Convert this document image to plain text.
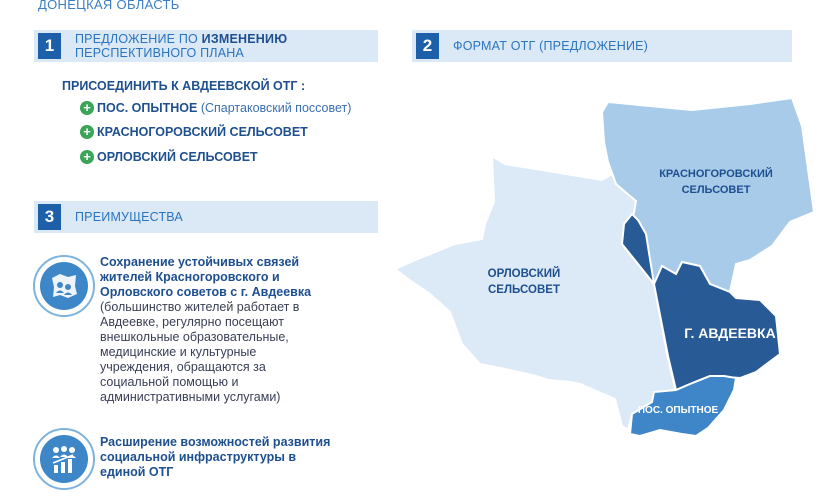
ДОНЕЦКАЯ ОБЛАСТЬ
1	ПРЕДЛОЖЕНИЕ ПО ИЗМЕНЕНИЮ
ПЕРСПЕКТИВНОГО ПЛАНА
ПРИСОЕДИНИТЬ К АВДЕЕВСКОЙ ОТГ :
+ ПОС. ОПЫТНОЕ
(Спартаковский поссовет)
+ КРАСНОГОРОВСКИЙ СЕЛЬСОВЕТ
+ ОРЛОВСКИЙ СЕЛЬСОВЕТ
2	ФОРМАТ ОТГ (ПРЕДЛОЖЕНИЕ)
3	ПРЕИМУЩЕСТВА
Сохранение устойчивых связей
жителей Красногоровского и
Орловского советов с г. Авдеевка
(большинство жителей работает в
Авдеевке, регулярно посещают
внешкольные образовательные,
медицинские и культурные
учреждения, обращаются за
социальной помощью и
административными услугами)
Расширение возможностей развития
социальной инфраструктуры в
единой ОТГ
ОРЛОВСКИЙ
СЕЛЬСОВЕТ
КРАСНОГОРОВСКИЙ
СЕЛЬСОВЕТ
Г. АВДЕЕВКА
ПОС. ОПЫТНОЕ
